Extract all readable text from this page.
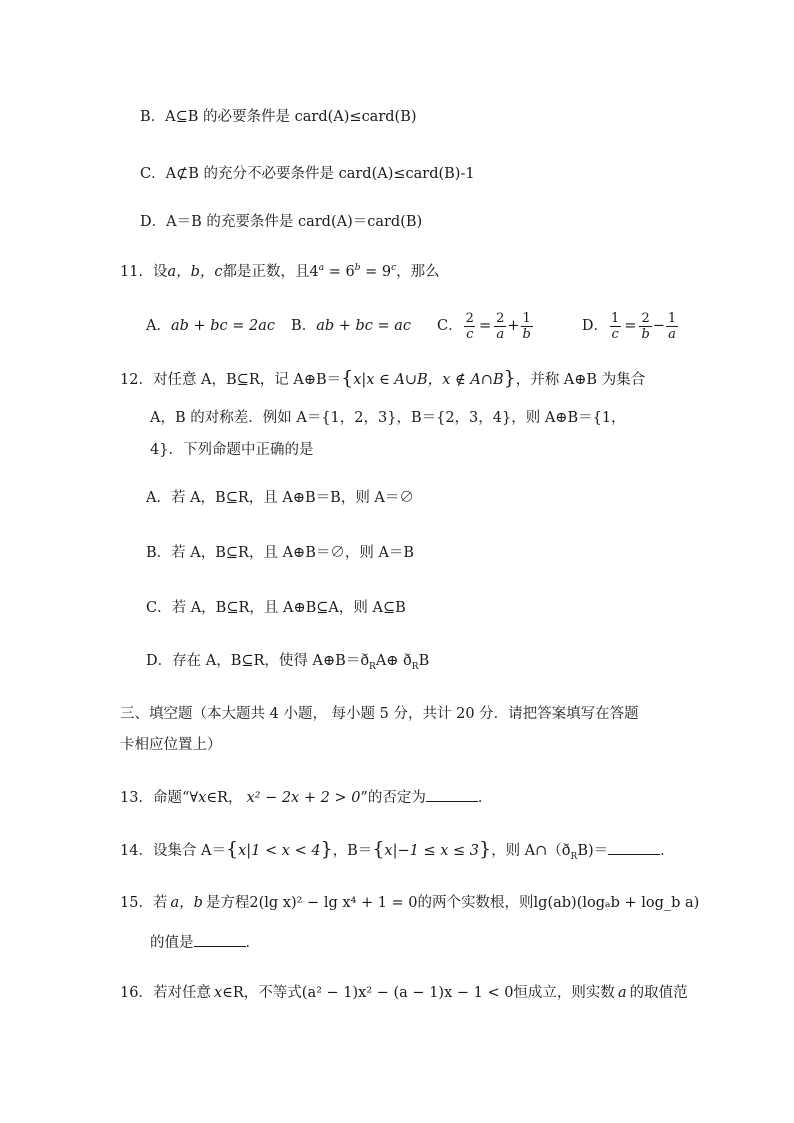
B．A⊆B 的必要条件是 card(A)≤card(B)
C．A⊄B 的充分不必要条件是 card(A)≤card(B)-1
D．A＝B 的充要条件是 card(A)＝card(B)
11．设a，b，c都是正数，且$4^a = 6^b = 9^c$，那么
A． ab + bc = 2ac B． ab + bc = ac C． $\frac{2}{c} = \frac{2}{a} + \frac{1}{b}$	D． $\frac{1}{c} = \frac{2}{b} - \frac{1}{a}$
12．对任意 A，B⊆R，记 A⊕B＝{x|x ∈ A∪B，x ∉ A∩B}，并称 A⊕B 为集合
A，B 的对称差．例如 A＝{1，2，3}，B＝{2，3，4}，则 A⊕B＝{1，
4}．下列命题中正确的是
A．若 A，B⊆R，且 A⊕B＝B，则 A＝∅
B．若 A，B⊆R，且 A⊕B＝∅，则 A＝B
C．若 A，B⊆R，且 A⊕B⊆A，则 A⊆B
D．存在 A，B⊆R，使得 $A\oplus B=ð_RA\oplus$ $ð_RB$
三、填空题（本大题共 4 小题， 每小题 5 分，共计 20 分．请把答案填写在答题
卡相应位置上）
13．命题“∀x∈R， x² − 2x + 2 > 0”的否定为	．
14．设集合 A＝{x|1 < x < 4}，B＝{x|−1 ≤ x ≤ 3}，则 $A\cap(ð_RB)=$	．
15．若 a，b 是方程2(lg x)² − lg x⁴ + 1 = 0的两个实数根，则lg(ab)(logₐb + log_b a)
的值是	．
16．若对任意 x∈R，不等式(a² − 1)x² − (a − 1)x − 1 < 0恒成立，则实数 a 的取值范
